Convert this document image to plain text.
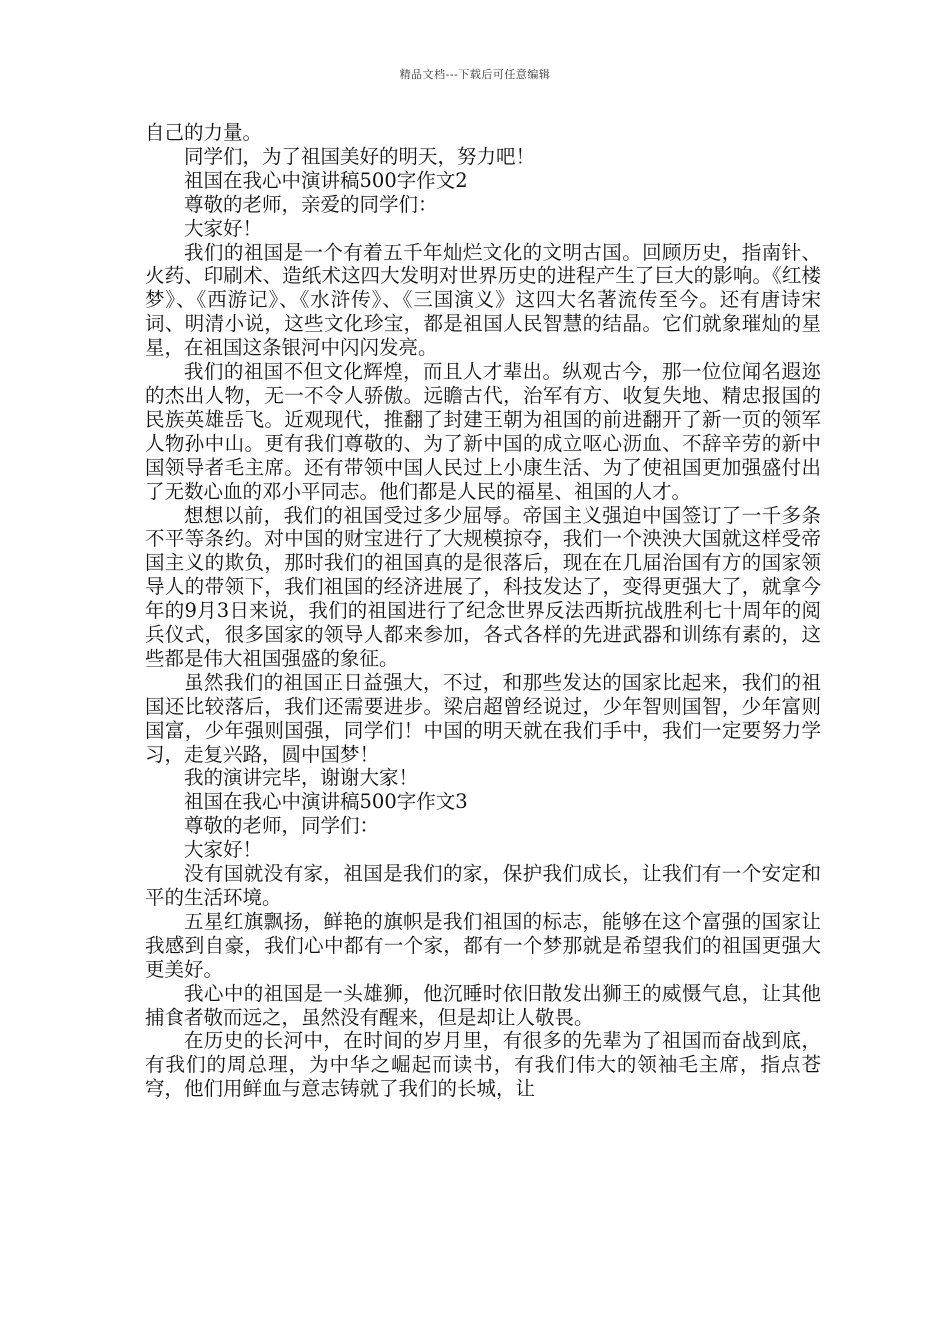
精品文档---下载后可任意编辑

自己的力量。

同学们，为了祖国美好的明天，努力吧！

祖国在我心中演讲稿500字作文2

尊敬的老师，亲爱的同学们：

大家好！

我们的祖国是一个有着五千年灿烂文化的文明古国。回顾历史，指南针、火药、印刷术、造纸术这四大发明对世界历史的进程产生了巨大的影响。《红楼梦》、《西游记》、《水浒传》、《三国演义》这四大名著流传至今。还有唐诗宋词、明清小说，这些文化珍宝，都是祖国人民智慧的结晶。它们就象璀灿的星星，在祖国这条银河中闪闪发亮。

我们的祖国不但文化辉煌，而且人才辈出。纵观古今，那一位位闻名遐迩的杰出人物，无一不令人骄傲。远瞻古代，治军有方、收复失地、精忠报国的民族英雄岳飞。近观现代，推翻了封建王朝为祖国的前进翻开了新一页的领军人物孙中山。更有我们尊敬的、为了新中国的成立呕心沥血、不辞辛劳的新中国领导者毛主席。还有带领中国人民过上小康生活、为了使祖国更加强盛付出了无数心血的邓小平同志。他们都是人民的福星、祖国的人才。

想想以前，我们的祖国受过多少屈辱。帝国主义强迫中国签订了一千多条不平等条约。对中国的财宝进行了大规模掠夺，我们一个泱泱大国就这样受帝国主义的欺负，那时我们的祖国真的是很落后，现在在几届治国有方的国家领导人的带领下，我们祖国的经济进展了，科技发达了，变得更强大了，就拿今年的9月3日来说，我们的祖国进行了纪念世界反法西斯抗战胜利七十周年的阅兵仪式，很多国家的领导人都来参加，各式各样的先进武器和训练有素的，这些都是伟大祖国强盛的象征。

虽然我们的祖国正日益强大，不过，和那些发达的国家比起来，我们的祖国还比较落后，我们还需要进步。梁启超曾经说过，少年智则国智，少年富则国富，少年强则国强，同学们！中国的明天就在我们手中，我们一定要努力学习，走复兴路，圆中国梦！

我的演讲完毕，谢谢大家！

祖国在我心中演讲稿500字作文3

尊敬的老师，同学们：

大家好！

没有国就没有家，祖国是我们的家，保护我们成长，让我们有一个安定和平的生活环境。

五星红旗飘扬，鲜艳的旗帜是我们祖国的标志，能够在这个富强的国家让我感到自豪，我们心中都有一个家，都有一个梦那就是希望我们的祖国更强大更美好。

我心中的祖国是一头雄狮，他沉睡时依旧散发出狮王的威慑气息，让其他捕食者敬而远之，虽然没有醒来，但是却让人敬畏。

在历史的长河中，在时间的岁月里，有很多的先辈为了祖国而奋战到底，有我们的周总理，为中华之崛起而读书，有我们伟大的领袖毛主席，指点苍穹，他们用鲜血与意志铸就了我们的长城，让
